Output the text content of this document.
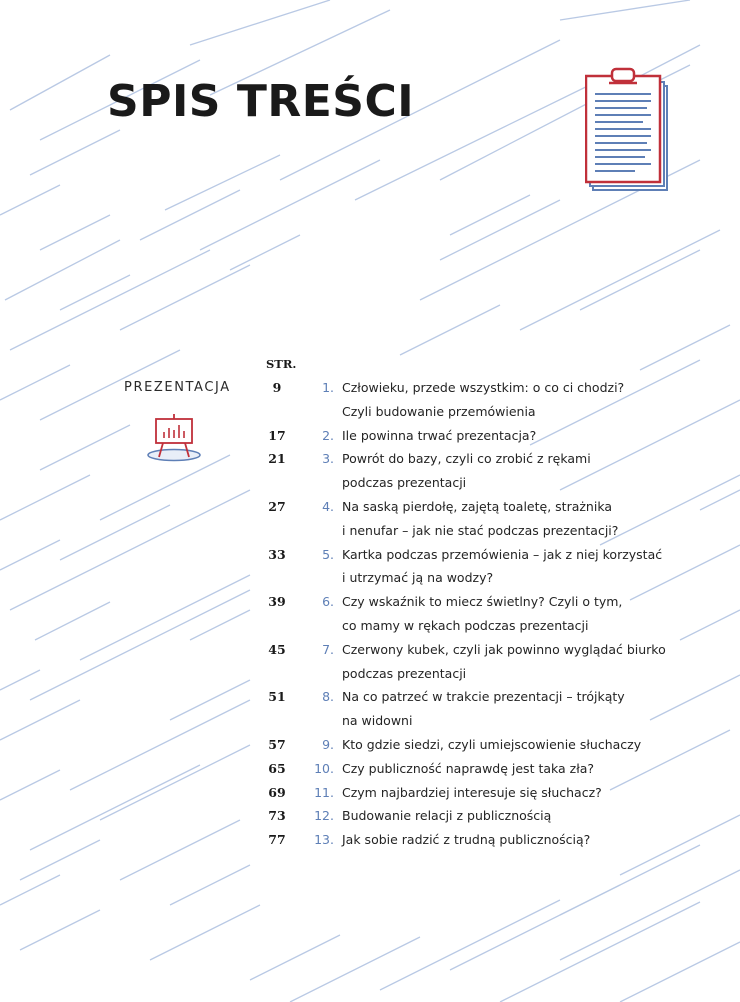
SPIS TREŚCI
PREZENTACJA
STR.
9	1. Człowieku, przede wszystkim: o co ci chodzi?
Czyli budowanie przemówienia
17	2. Ile powinna trwać prezentacja?
21	3. Powrót do bazy, czyli co zrobić z rękami
podczas prezentacji
27	4. Na saską pierdołę, zajętą toaletę, strażnika
i nenufar – jak nie stać podczas prezentacji?
33	5. Kartka podczas przemówienia – jak z niej korzystać
i utrzymać ją na wodzy?
39	6. Czy wskaźnik to miecz świetlny? Czyli o tym,
co mamy w rękach podczas prezentacji
45	7. Czerwony kubek, czyli jak powinno wyglądać biurko
podczas prezentacji
51	8. Na co patrzeć w trakcie prezentacji – trójkąty
na widowni
57	9. Kto gdzie siedzi, czyli umiejscowienie słuchaczy
65	10. Czy publiczność naprawdę jest taka zła?
69	11. Czym najbardziej interesuje się słuchacz?
73	12. Budowanie relacji z publicznością
77	13. Jak sobie radzić z trudną publicznością?
